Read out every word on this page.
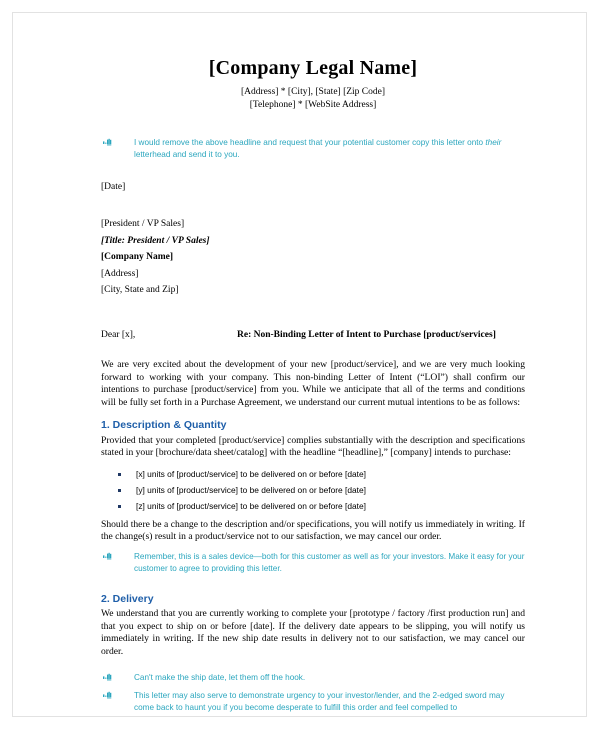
[Company Legal Name]
[Address] * [City], [State] [Zip Code]
[Telephone] * [WebSite Address]
I would remove the above headline and request that your potential customer copy this letter onto their letterhead and send it to you.
[Date]
[President / VP Sales]
[Title: President / VP Sales]
[Company Name]
[Address]
[City, State and Zip]
Dear [x],	Re: Non-Binding Letter of Intent to Purchase [product/services]

We are very excited about the development of your new [product/service], and we are very much looking forward to working with your company. This non-binding Letter of Intent (“LOI”) shall confirm our intentions to purchase [product/service] from you. While we anticipate that all of the terms and conditions will be fully set forth in a Purchase Agreement, we understand our current mutual intentions to be as follows:

1. Description & Quantity

Provided that your completed [product/service] complies substantially with the description and specifications stated in your [brochure/data sheet/catalog] with the headline “[headline],” [company] intends to purchase:

[x] units of [product/service] to be delivered on or before [date]
[y] units of [product/service] to be delivered on or before [date]
[z] units of [product/service] to be delivered on or before [date]

Should there be a change to the description and/or specifications, you will notify us immediately in writing. If the change(s) result in a product/service not to our satisfaction, we may cancel our order.

Remember, this is a sales device—both for this customer as well as for your investors. Make it easy for your customer to agree to providing this letter.
2. Delivery

We understand that you are currently working to complete your [prototype / factory /first production run] and that you expect to ship on or before [date]. If the delivery date appears to be slipping, you will notify us immediately in writing. If the new ship date results in delivery not to our satisfaction, we may cancel our order.

Can't make the ship date, let them off the hook.
This letter may also serve to demonstrate urgency to your investor/lender, and the 2-edged sword may come back to haunt you if you become desperate to fulfill this order and feel compelled to
